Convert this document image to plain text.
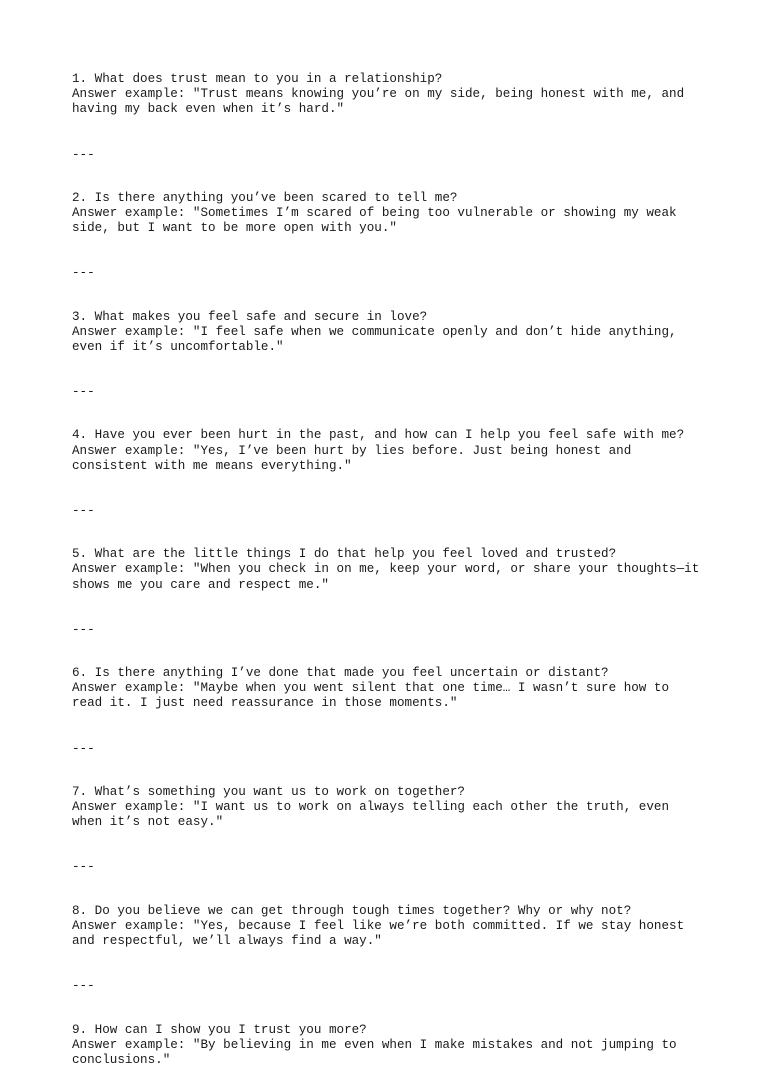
1. What does trust mean to you in a relationship?
Answer example: "Trust means knowing you’re on my side, being honest with me, and
having my back even when it’s hard."
---
2. Is there anything you’ve been scared to tell me?
Answer example: "Sometimes I’m scared of being too vulnerable or showing my weak
side, but I want to be more open with you."
---
3. What makes you feel safe and secure in love?
Answer example: "I feel safe when we communicate openly and don’t hide anything,
even if it’s uncomfortable."
---
4. Have you ever been hurt in the past, and how can I help you feel safe with me?
Answer example: "Yes, I’ve been hurt by lies before. Just being honest and
consistent with me means everything."
---
5. What are the little things I do that help you feel loved and trusted?
Answer example: "When you check in on me, keep your word, or share your thoughts—it
shows me you care and respect me."
---
6. Is there anything I’ve done that made you feel uncertain or distant?
Answer example: "Maybe when you went silent that one time… I wasn’t sure how to
read it. I just need reassurance in those moments."
---
7. What’s something you want us to work on together?
Answer example: "I want us to work on always telling each other the truth, even
when it’s not easy."
---
8. Do you believe we can get through tough times together? Why or why not?
Answer example: "Yes, because I feel like we’re both committed. If we stay honest
and respectful, we’ll always find a way."
---
9. How can I show you I trust you more?
Answer example: "By believing in me even when I make mistakes and not jumping to
conclusions."
